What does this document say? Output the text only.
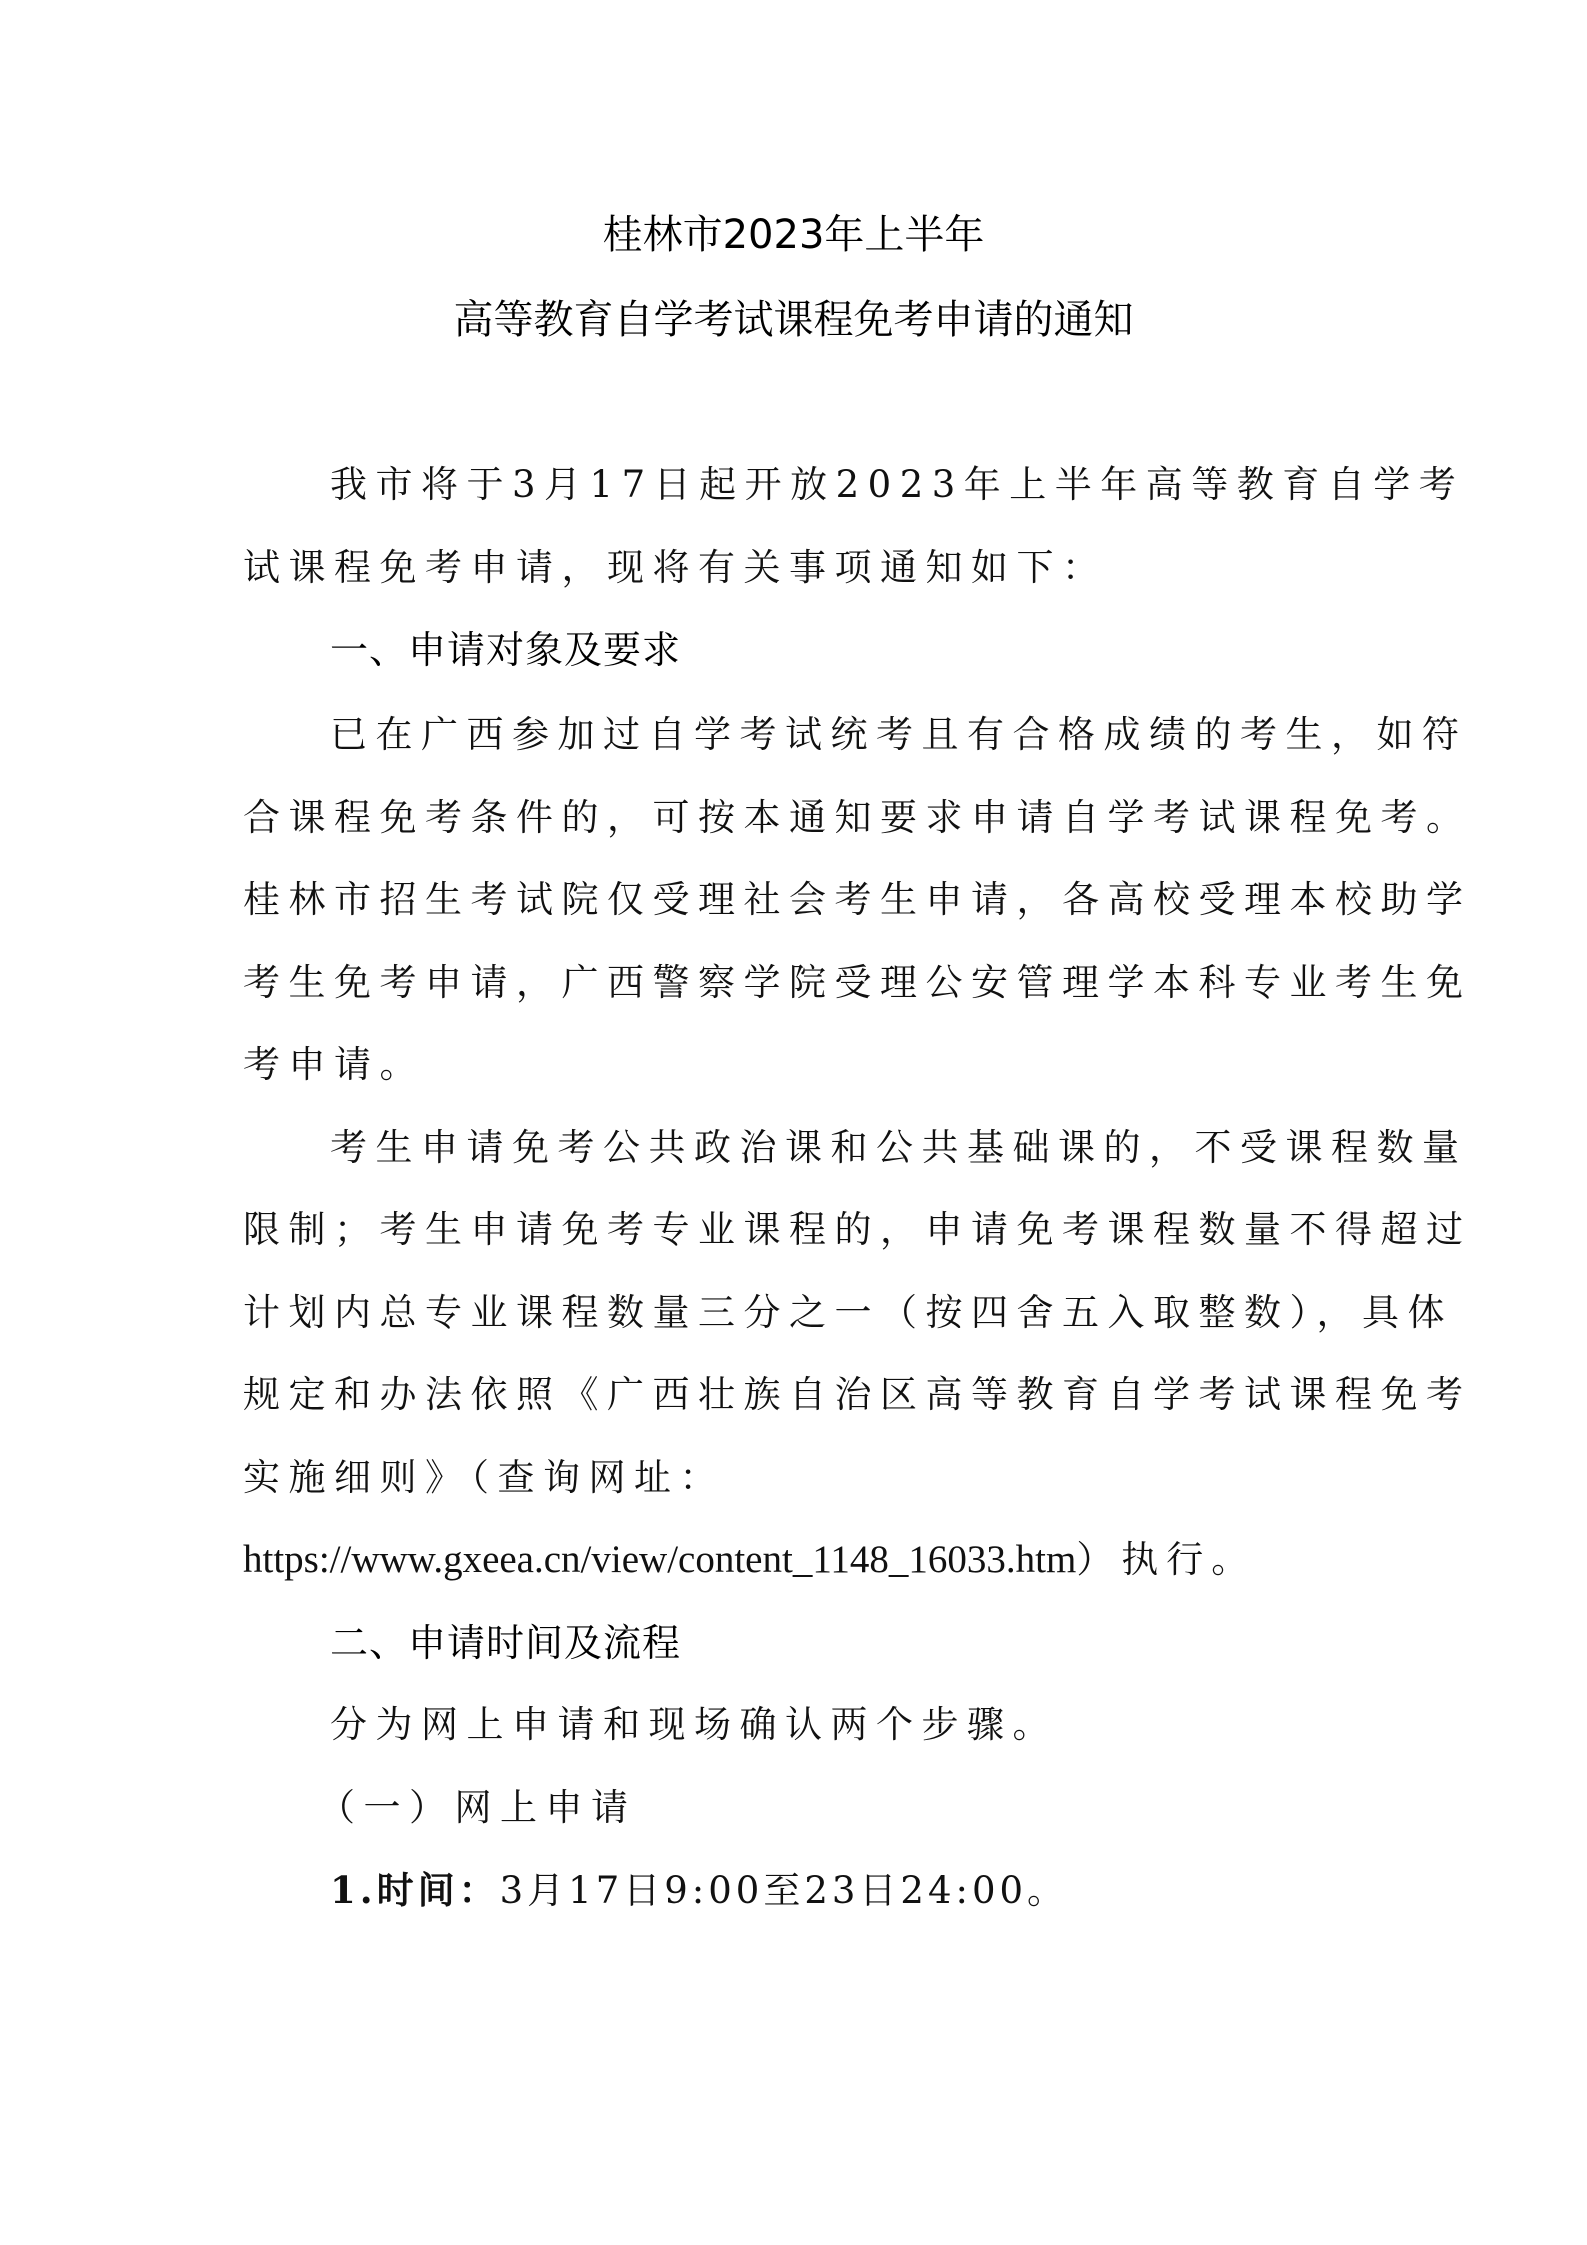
桂林市2023年上半年
高等教育自学考试课程免考申请的通知
我市将于3月17日起开放2023年上半年高等教育自学考
试课程免考申请，现将有关事项通知如下：
一、申请对象及要求
已在广西参加过自学考试统考且有合格成绩的考生，如符
合课程免考条件的，可按本通知要求申请自学考试课程免考。
桂林市招生考试院仅受理社会考生申请，各高校受理本校助学
考生免考申请，广西警察学院受理公安管理学本科专业考生免
考申请。
考生申请免考公共政治课和公共基础课的，不受课程数量
限制；考生申请免考专业课程的，申请免考课程数量不得超过
计划内总专业课程数量三分之一（按四舍五入取整数），具体
规定和办法依照《广西壮族自治区高等教育自学考试课程免考
实施细则》（查询网址：
https://www.gxeea.cn/view/content_1148_16033.htm）执行。
二、申请时间及流程
分为网上申请和现场确认两个步骤。
（一）网上申请
1.时间：3月17日9:00至23日24:00。
